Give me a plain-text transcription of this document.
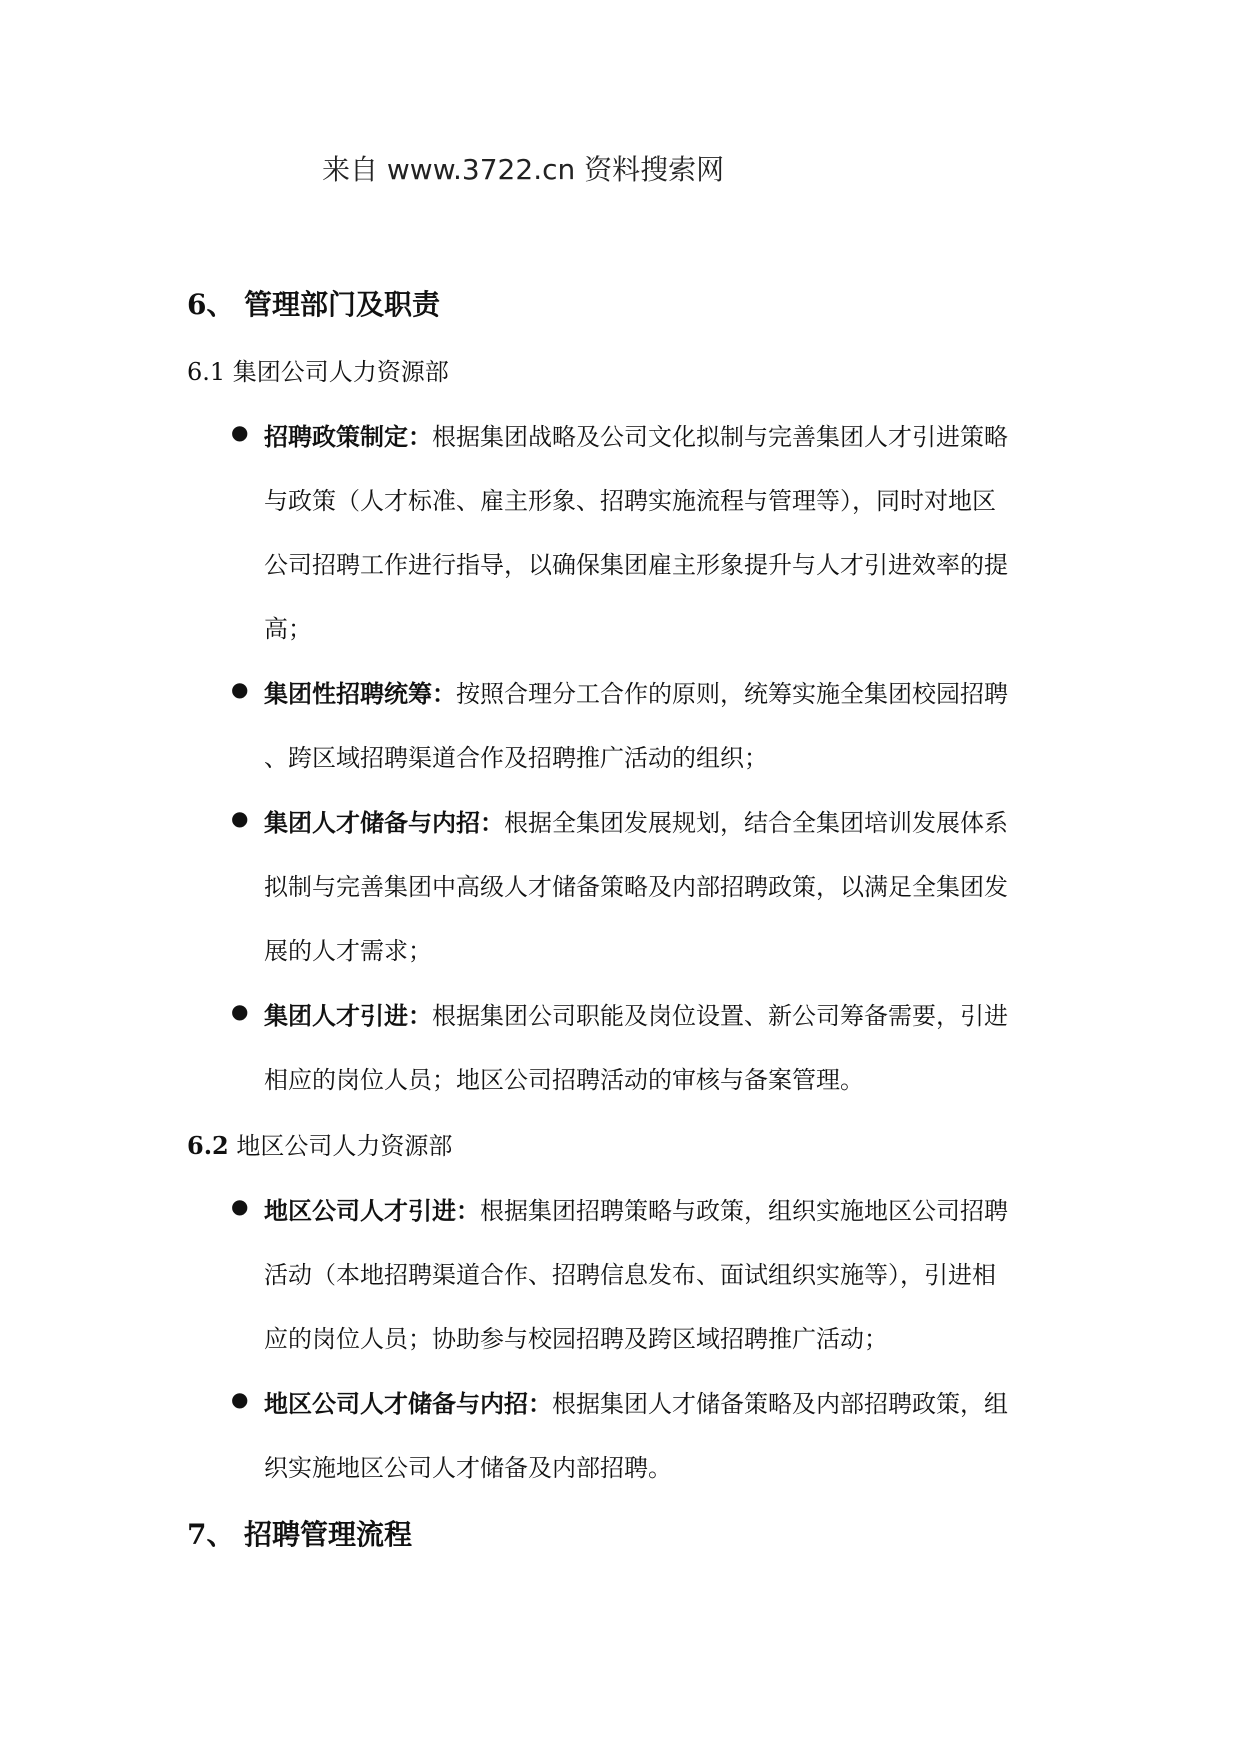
来自 www.3722.cn 资料搜索网
6、 管理部门及职责
6.1 集团公司人力资源部
● 招聘政策制定：根据集团战略及公司文化拟制与完善集团人才引进策略
与政策（人才标准、雇主形象、招聘实施流程与管理等），同时对地区
公司招聘工作进行指导，以确保集团雇主形象提升与人才引进效率的提
高；
● 集团性招聘统筹：按照合理分工合作的原则，统筹实施全集团校园招聘
、跨区域招聘渠道合作及招聘推广活动的组织；
● 集团人才储备与内招：根据全集团发展规划，结合全集团培训发展体系
拟制与完善集团中高级人才储备策略及内部招聘政策，以满足全集团发
展的人才需求；
● 集团人才引进：根据集团公司职能及岗位设置、新公司筹备需要，引进
相应的岗位人员；地区公司招聘活动的审核与备案管理。
6.2 地区公司人力资源部
● 地区公司人才引进：根据集团招聘策略与政策，组织实施地区公司招聘
活动（本地招聘渠道合作、招聘信息发布、面试组织实施等），引进相
应的岗位人员；协助参与校园招聘及跨区域招聘推广活动；
● 地区公司人才储备与内招：根据集团人才储备策略及内部招聘政策，组
织实施地区公司人才储备及内部招聘。
7、 招聘管理流程
